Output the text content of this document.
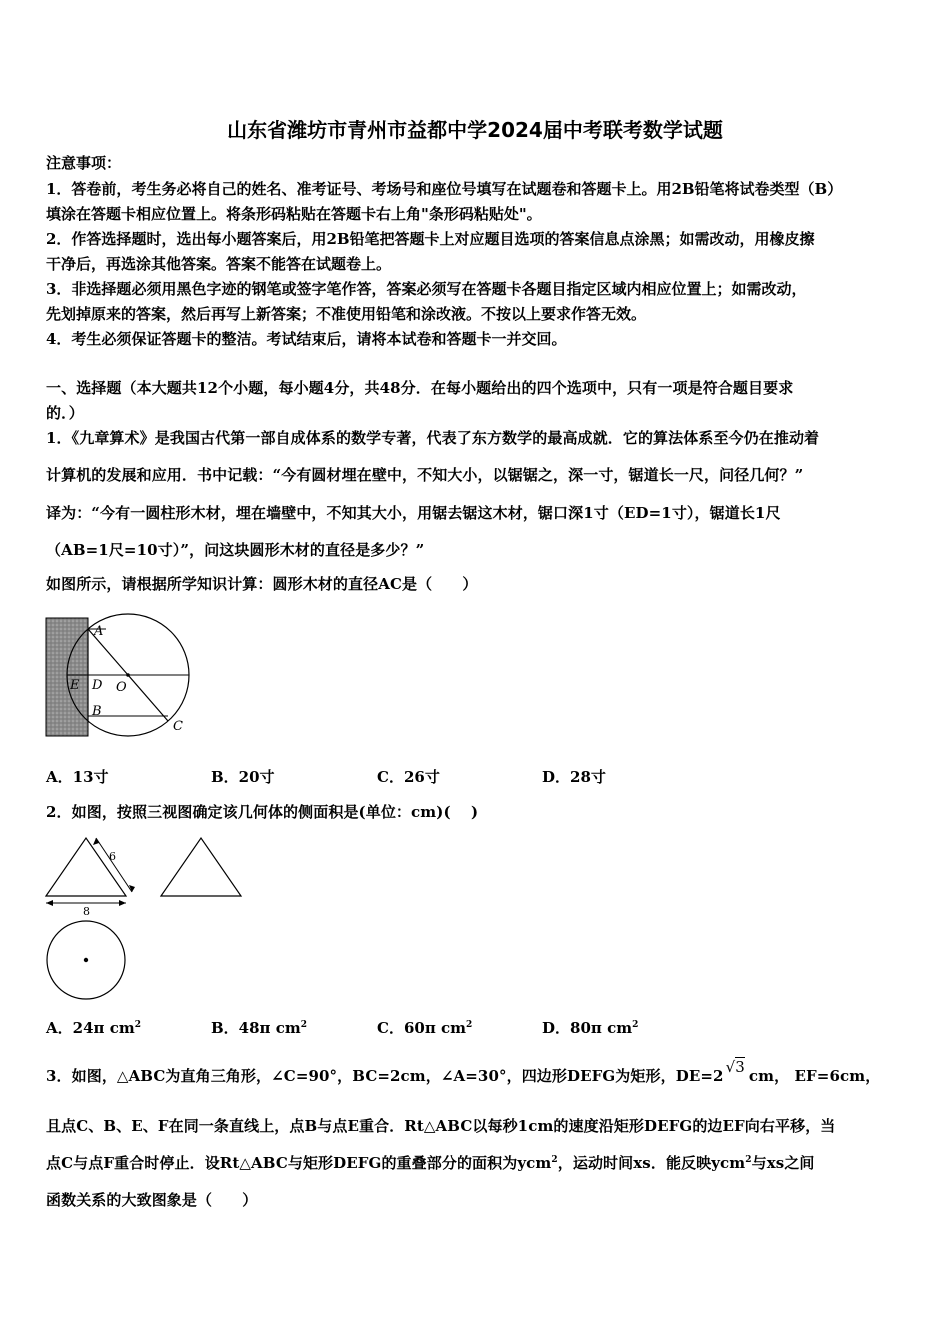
山东省潍坊市青州市益都中学2024届中考联考数学试题
注意事项：
1．答卷前，考生务必将自己的姓名、准考证号、考场号和座位号填写在试题卷和答题卡上。用2B铅笔将试卷类型（B）
填涂在答题卡相应位置上。将条形码粘贴在答题卡右上角"条形码粘贴处"。
2．作答选择题时，选出每小题答案后，用2B铅笔把答题卡上对应题目选项的答案信息点涂黑；如需改动，用橡皮擦
干净后，再选涂其他答案。答案不能答在试题卷上。
3．非选择题必须用黑色字迹的钢笔或签字笔作答，答案必须写在答题卡各题目指定区域内相应位置上；如需改动，
先划掉原来的答案，然后再写上新答案；不准使用铅笔和涂改液。不按以上要求作答无效。
4．考生必须保证答题卡的整洁。考试结束后，请将本试卷和答题卡一并交回。
一、选择题（本大题共12个小题，每小题4分，共48分．在每小题给出的四个选项中，只有一项是符合题目要求
的．）
1．《九章算术》是我国古代第一部自成体系的数学专著，代表了东方数学的最高成就．它的算法体系至今仍在推动着
计算机的发展和应用．书中记载：“今有圆材埋在壁中，不知大小，以锯锯之，深一寸，锯道长一尺，问径几何？”
译为：“今有一圆柱形木材，埋在墙壁中，不知其大小，用锯去锯这木材，锯口深1寸（ED=1寸），锯道长1尺
（AB=1尺=10寸）”，问这块圆形木材的直径是多少？”
如图所示，请根据所学知识计算：圆形木材的直径AC是（　　）
A
B
C
D
E	O
A．13寸	B．20寸	C．26寸	D．28寸
2．如图，按照三视图确定该几何体的侧面积是(单位：cm)(　 )
6
8
A．24π $cm^2$	B．48π $cm^2$	C．60π $cm^2$	D．80π $cm^2$
3．如图，△ABC为直角三角形，∠C=90°，BC=2cm，∠A=30°，四边形DEFG为矩形，DE=2 √3 cm， EF=6cm，
且点C、B、E、F在同一条直线上，点B与点E重合．Rt△ABC以每秒1cm的速度沿矩形DEFG的边EF向右平移，当
点C与点F重合时停止．设Rt△ABC与矩形DEFG的重叠部分的面积为ycm$^2$，运动时间xs．能反映ycm$^2$与xs之间
函数关系的大致图象是（　　）
